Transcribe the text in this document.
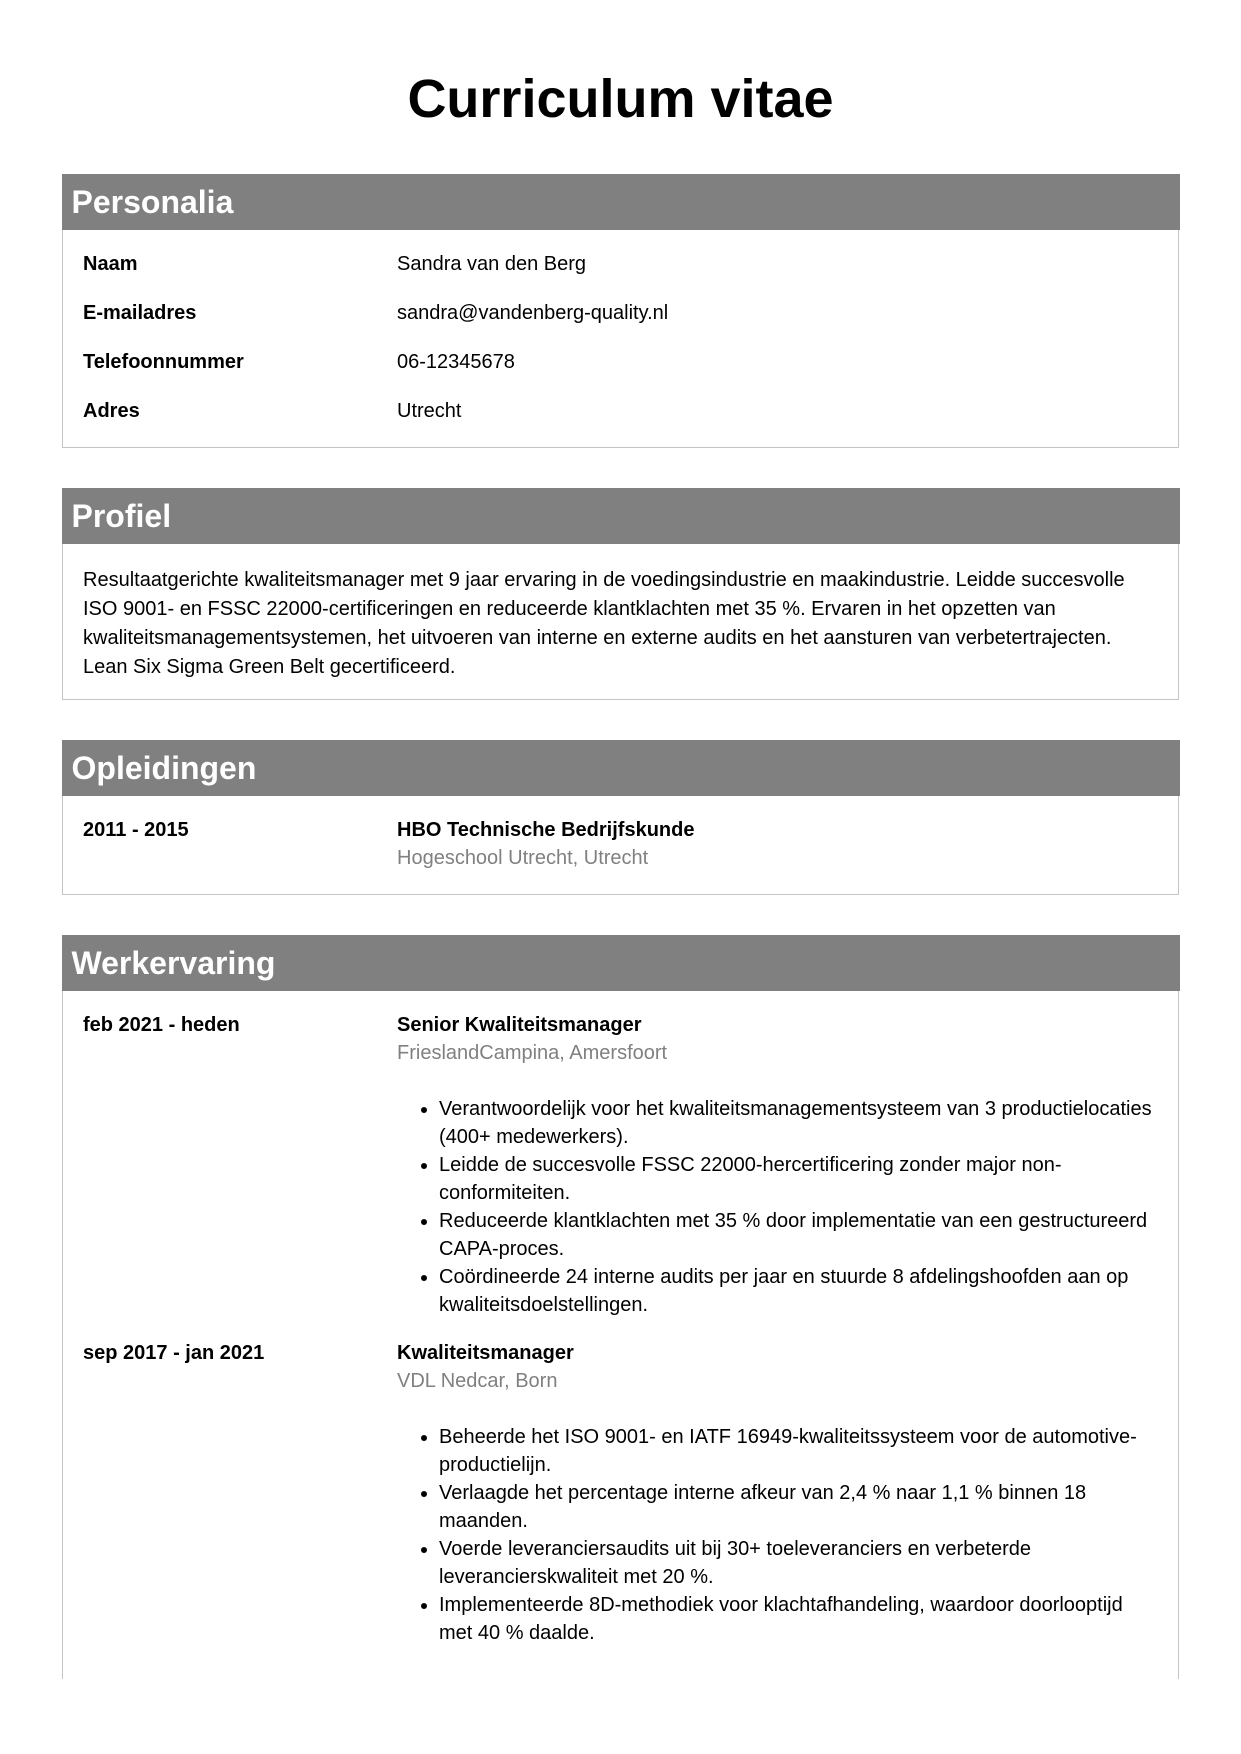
Curriculum vitae
Personalia
Naam	Sandra van den Berg
E-mailadres	sandra@vandenberg-quality.nl
Telefoonnummer	06-12345678
Adres	Utrecht
Profiel

Resultaatgerichte kwaliteitsmanager met 9 jaar ervaring in de voedingsindustrie en maakindustrie. Leidde succesvolle ISO 9001- en FSSC 22000-certificeringen en reduceerde klantklachten met 35 %. Ervaren in het opzetten van kwaliteitsmanagementsystemen, het uitvoeren van interne en externe audits en het aansturen van verbetertrajecten. Lean Six Sigma Green Belt gecertificeerd.

Opleidingen
2011 - 2015	HBO Technische Bedrijfskunde
Hogeschool Utrecht, Utrecht
Werkervaring
feb 2021 - heden	Senior Kwaliteitsmanager
FrieslandCampina, Amersfoort
• Verantwoordelijk voor het kwaliteitsmanagementsysteem van 3 productielocaties (400+ medewerkers).
• Leidde de succesvolle FSSC 22000-hercertificering zonder major non-conformiteiten.
• Reduceerde klantklachten met 35 % door implementatie van een gestructureerd CAPA-proces.
• Coördineerde 24 interne audits per jaar en stuurde 8 afdelingshoofden aan op kwaliteitsdoelstellingen.
sep 2017 - jan 2021	Kwaliteitsmanager
VDL Nedcar, Born
• Beheerde het ISO 9001- en IATF 16949-kwaliteitssysteem voor de automotive-productielijn.
• Verlaagde het percentage interne afkeur van 2,4 % naar 1,1 % binnen 18 maanden.
• Voerde leveranciersaudits uit bij 30+ toeleveranciers en verbeterde leverancierskwaliteit met 20 %.
• Implementeerde 8D-methodiek voor klachtafhandeling, waardoor doorlooptijd met 40 % daalde.
